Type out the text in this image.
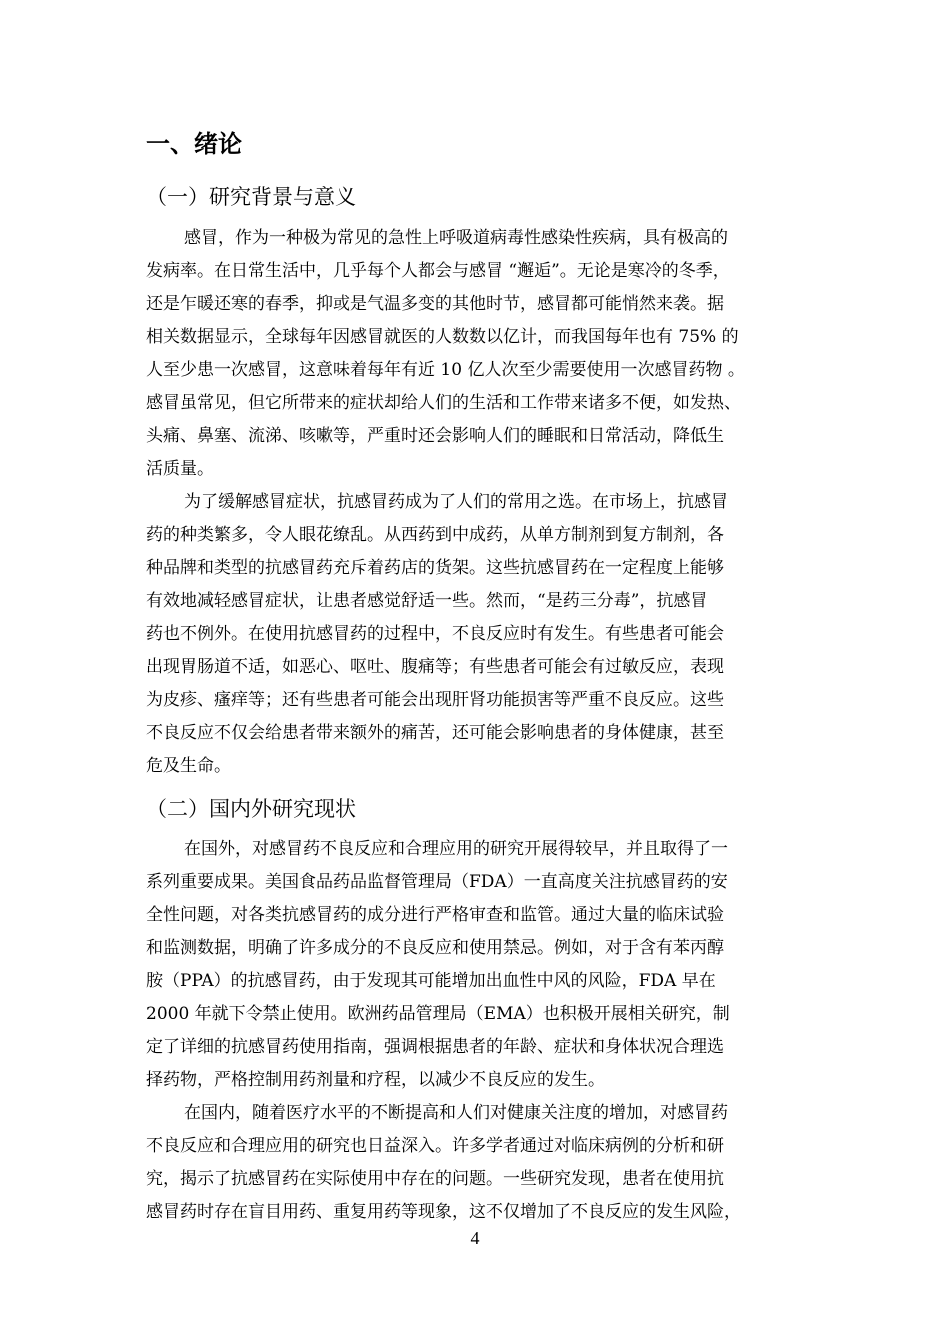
一、绪论
（一）研究背景与意义
感冒，作为一种极为常见的急性上呼吸道病毒性感染性疾病，具有极高的
发病率。在日常生活中，几乎每个人都会与感冒 “邂逅”。无论是寒冷的冬季，
还是乍暖还寒的春季，抑或是气温多变的其他时节，感冒都可能悄然来袭。据
相关数据显示，全球每年因感冒就医的人数数以亿计，而我国每年也有 75% 的
人至少患一次感冒，这意味着每年有近 10 亿人次至少需要使用一次感冒药物 。
感冒虽常见，但它所带来的症状却给人们的生活和工作带来诸多不便，如发热、
头痛、鼻塞、流涕、咳嗽等，严重时还会影响人们的睡眠和日常活动，降低生
活质量。
为了缓解感冒症状，抗感冒药成为了人们的常用之选。在市场上，抗感冒
药的种类繁多，令人眼花缭乱。从西药到中成药，从单方制剂到复方制剂，各
种品牌和类型的抗感冒药充斥着药店的货架。这些抗感冒药在一定程度上能够
有效地减轻感冒症状，让患者感觉舒适一些。然而，“是药三分毒”，抗感冒
药也不例外。在使用抗感冒药的过程中，不良反应时有发生。有些患者可能会
出现胃肠道不适，如恶心、呕吐、腹痛等；有些患者可能会有过敏反应，表现
为皮疹、瘙痒等；还有些患者可能会出现肝肾功能损害等严重不良反应。这些
不良反应不仅会给患者带来额外的痛苦，还可能会影响患者的身体健康，甚至
危及生命。
（二）国内外研究现状
在国外，对感冒药不良反应和合理应用的研究开展得较早，并且取得了一
系列重要成果。美国食品药品监督管理局（FDA）一直高度关注抗感冒药的安
全性问题，对各类抗感冒药的成分进行严格审查和监管。通过大量的临床试验
和监测数据，明确了许多成分的不良反应和使用禁忌。例如，对于含有苯丙醇
胺（PPA）的抗感冒药，由于发现其可能增加出血性中风的风险，FDA 早在
2000 年就下令禁止使用。欧洲药品管理局（EMA）也积极开展相关研究，制
定了详细的抗感冒药使用指南，强调根据患者的年龄、症状和身体状况合理选
择药物，严格控制用药剂量和疗程，以减少不良反应的发生。
在国内，随着医疗水平的不断提高和人们对健康关注度的增加，对感冒药
不良反应和合理应用的研究也日益深入。许多学者通过对临床病例的分析和研
究，揭示了抗感冒药在实际使用中存在的问题。一些研究发现，患者在使用抗
感冒药时存在盲目用药、重复用药等现象，这不仅增加了不良反应的发生风险，
4
